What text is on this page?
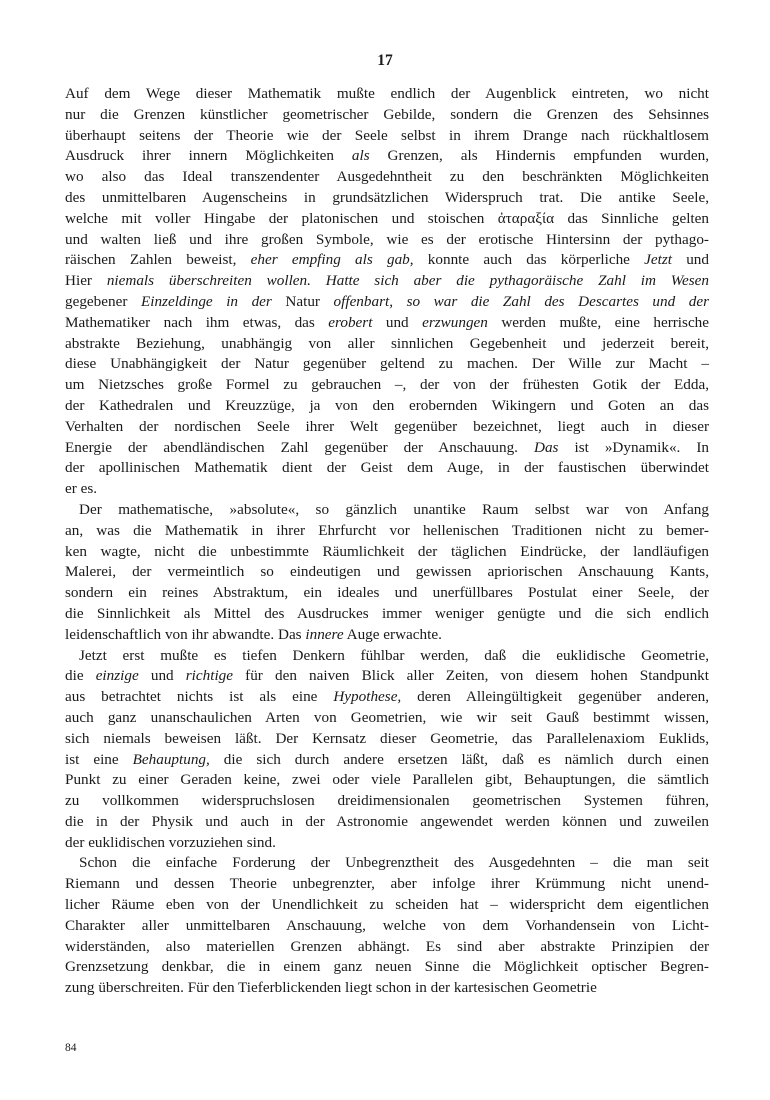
17
Auf dem Wege dieser Mathematik mußte endlich der Augenblick eintreten, wo nicht
nur die Grenzen künstlicher geometrischer Gebilde, sondern die Grenzen des Sehsinnes
überhaupt seitens der Theorie wie der Seele selbst in ihrem Drange nach rückhaltlosem
Ausdruck ihrer innern Möglichkeiten als Grenzen, als Hindernis empfunden wurden,
wo also das Ideal transzendenter Ausgedehntheit zu den beschränkten Möglichkeiten
des unmittelbaren Augenscheins in grundsätzlichen Widerspruch trat. Die antike Seele,
welche mit voller Hingabe der platonischen und stoischen ἀταραξία das Sinnliche gelten
und walten ließ und ihre großen Symbole, wie es der erotische Hintersinn der pythago-
räischen Zahlen beweist, eher empfing als gab, konnte auch das körperliche Jetzt und
Hier niemals überschreiten wollen. Hatte sich aber die pythagoräische Zahl im Wesen
gegebener Einzeldinge in der Natur offenbart, so war die Zahl des Descartes und der
Mathematiker nach ihm etwas, das erobert und erzwungen werden mußte, eine herrische
abstrakte Beziehung, unabhängig von aller sinnlichen Gegebenheit und jederzeit bereit,
diese Unabhängigkeit der Natur gegenüber geltend zu machen. Der Wille zur Macht –
um Nietzsches große Formel zu gebrauchen –, der von der frühesten Gotik der Edda,
der Kathedralen und Kreuzzüge, ja von den erobernden Wikingern und Goten an das
Verhalten der nordischen Seele ihrer Welt gegenüber bezeichnet, liegt auch in dieser
Energie der abendländischen Zahl gegenüber der Anschauung. Das ist »Dynamik«. In
der apollinischen Mathematik dient der Geist dem Auge, in der faustischen überwindet
er es.
Der mathematische, »absolute«, so gänzlich unantike Raum selbst war von Anfang
an, was die Mathematik in ihrer Ehrfurcht vor hellenischen Traditionen nicht zu bemer-
ken wagte, nicht die unbestimmte Räumlichkeit der täglichen Eindrücke, der landläufigen
Malerei, der vermeintlich so eindeutigen und gewissen apriorischen Anschauung Kants,
sondern ein reines Abstraktum, ein ideales und unerfüllbares Postulat einer Seele, der
die Sinnlichkeit als Mittel des Ausdruckes immer weniger genügte und die sich endlich
leidenschaftlich von ihr abwandte. Das innere Auge erwachte.
Jetzt erst mußte es tiefen Denkern fühlbar werden, daß die euklidische Geometrie,
die einzige und richtige für den naiven Blick aller Zeiten, von diesem hohen Standpunkt
aus betrachtet nichts ist als eine Hypothese, deren Alleingültigkeit gegenüber anderen,
auch ganz unanschaulichen Arten von Geometrien, wie wir seit Gauß bestimmt wissen,
sich niemals beweisen läßt. Der Kernsatz dieser Geometrie, das Parallelenaxiom Euklids,
ist eine Behauptung, die sich durch andere ersetzen läßt, daß es nämlich durch einen
Punkt zu einer Geraden keine, zwei oder viele Parallelen gibt, Behauptungen, die sämtlich
zu vollkommen widerspruchslosen dreidimensionalen geometrischen Systemen führen,
die in der Physik und auch in der Astronomie angewendet werden können und zuweilen
der euklidischen vorzuziehen sind.
Schon die einfache Forderung der Unbegrenztheit des Ausgedehnten – die man seit
Riemann und dessen Theorie unbegrenzter, aber infolge ihrer Krümmung nicht unend-
licher Räume eben von der Unendlichkeit zu scheiden hat – widerspricht dem eigentlichen
Charakter aller unmittelbaren Anschauung, welche von dem Vorhandensein von Licht-
widerständen, also materiellen Grenzen abhängt. Es sind aber abstrakte Prinzipien der
Grenzsetzung denkbar, die in einem ganz neuen Sinne die Möglichkeit optischer Begren-
zung überschreiten. Für den Tieferblickenden liegt schon in der kartesischen Geometrie
84
